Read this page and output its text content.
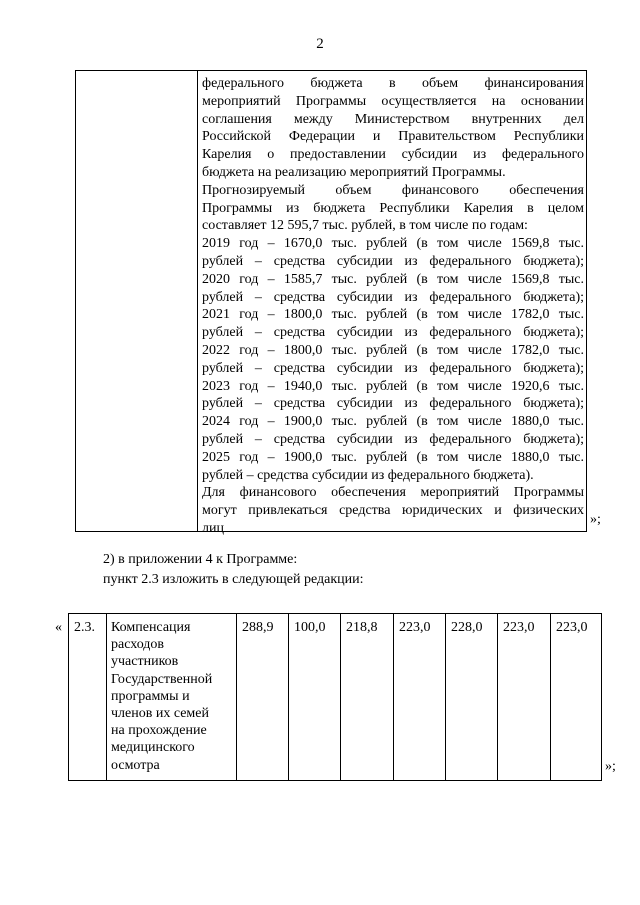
2
федерального бюджета в объем финансирования
мероприятий Программы осуществляется на основании
соглашения между Министерством внутренних дел
Российской Федерации и Правительством Республики
Карелия о предоставлении субсидии из федерального
бюджета на реализацию мероприятий Программы.
Прогнозируемый объем финансового обеспечения
Программы из бюджета Республики Карелия в целом
составляет 12 595,7 тыс. рублей, в том числе по годам:
2019 год – 1670,0 тыс. рублей (в том числе 1569,8 тыс.
рублей – средства субсидии из федерального бюджета);
2020 год – 1585,7 тыс. рублей (в том числе 1569,8 тыс.
рублей – средства субсидии из федерального бюджета);
2021 год – 1800,0 тыс. рублей (в том числе 1782,0 тыс.
рублей – средства субсидии из федерального бюджета);
2022 год – 1800,0 тыс. рублей (в том числе 1782,0 тыс.
рублей – средства субсидии из федерального бюджета);
2023 год – 1940,0 тыс. рублей (в том числе 1920,6 тыс.
рублей – средства субсидии из федерального бюджета);
2024 год – 1900,0 тыс. рублей (в том числе 1880,0 тыс.
рублей – средства субсидии из федерального бюджета);
2025 год – 1900,0 тыс. рублей (в том числе 1880,0 тыс.
рублей – средства субсидии из федерального бюджета).
Для финансового обеспечения мероприятий Программы
могут привлекаться средства юридических и физических
лиц
»;
2) в приложении 4 к Программе:
пункт 2.3 изложить в следующей редакции:
« 2.3. Компенсация
расходов
участников
Государственной
программы и
членов их семей
на прохождение
медицинского
осмотра
288,9 100,0 218,8 223,0 228,0 223,0 223,0
»;
